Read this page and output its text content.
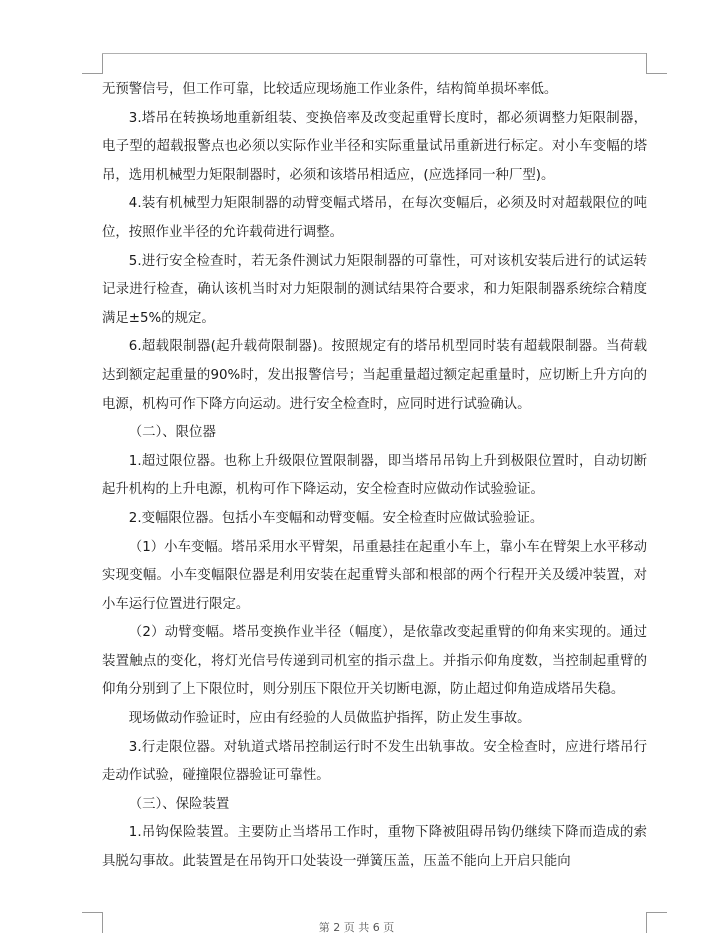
无预警信号，但工作可靠，比较适应现场施工作业条件，结构简单损坏率低。

3.塔吊在转换场地重新组装、变换倍率及改变起重臂长度时，都必须调整力矩限制器，电子型的超载报警点也必须以实际作业半径和实际重量试吊重新进行标定。对小车变幅的塔吊，选用机械型力矩限制器时，必须和该塔吊相适应，(应选择同一种厂型)。

4.装有机械型力矩限制器的动臂变幅式塔吊，在每次变幅后，必须及时对超载限位的吨位，按照作业半径的允许载荷进行调整。

5.进行安全检查时，若无条件测试力矩限制器的可靠性，可对该机安装后进行的试运转记录进行检查，确认该机当时对力矩限制的测试结果符合要求，和力矩限制器系统综合精度满足±5%的规定。

6.超载限制器(起升载荷限制器)。按照规定有的塔吊机型同时装有超载限制器。当荷载达到额定起重量的90%时，发出报警信号；当起重量超过额定起重量时，应切断上升方向的电源，机构可作下降方向运动。进行安全检查时，应同时进行试验确认。

（二）、限位器

1.超过限位器。也称上升级限位置限制器，即当塔吊吊钩上升到极限位置时，自动切断起升机构的上升电源，机构可作下降运动，安全检查时应做动作试验验证。

2.变幅限位器。包括小车变幅和动臂变幅。安全检查时应做试验验证。

（1）小车变幅。塔吊采用水平臂架，吊重悬挂在起重小车上，靠小车在臂架上水平移动实现变幅。小车变幅限位器是利用安装在起重臂头部和根部的两个行程开关及缓冲装置，对小车运行位置进行限定。

（2）动臂变幅。塔吊变换作业半径（幅度），是依靠改变起重臂的仰角来实现的。通过装置触点的变化，将灯光信号传递到司机室的指示盘上。并指示仰角度数，当控制起重臂的仰角分别到了上下限位时，则分别压下限位开关切断电源，防止超过仰角造成塔吊失稳。

现场做动作验证时，应由有经验的人员做监护指挥，防止发生事故。

3.行走限位器。对轨道式塔吊控制运行时不发生出轨事故。安全检查时，应进行塔吊行走动作试验，碰撞限位器验证可靠性。

（三）、保险装置

1.吊钩保险装置。主要防止当塔吊工作时，重物下降被阻碍吊钩仍继续下降而造成的索具脱勾事故。此装置是在吊钩开口处装设一弹簧压盖，压盖不能向上开启只能向

第 2 页 共 6 页
